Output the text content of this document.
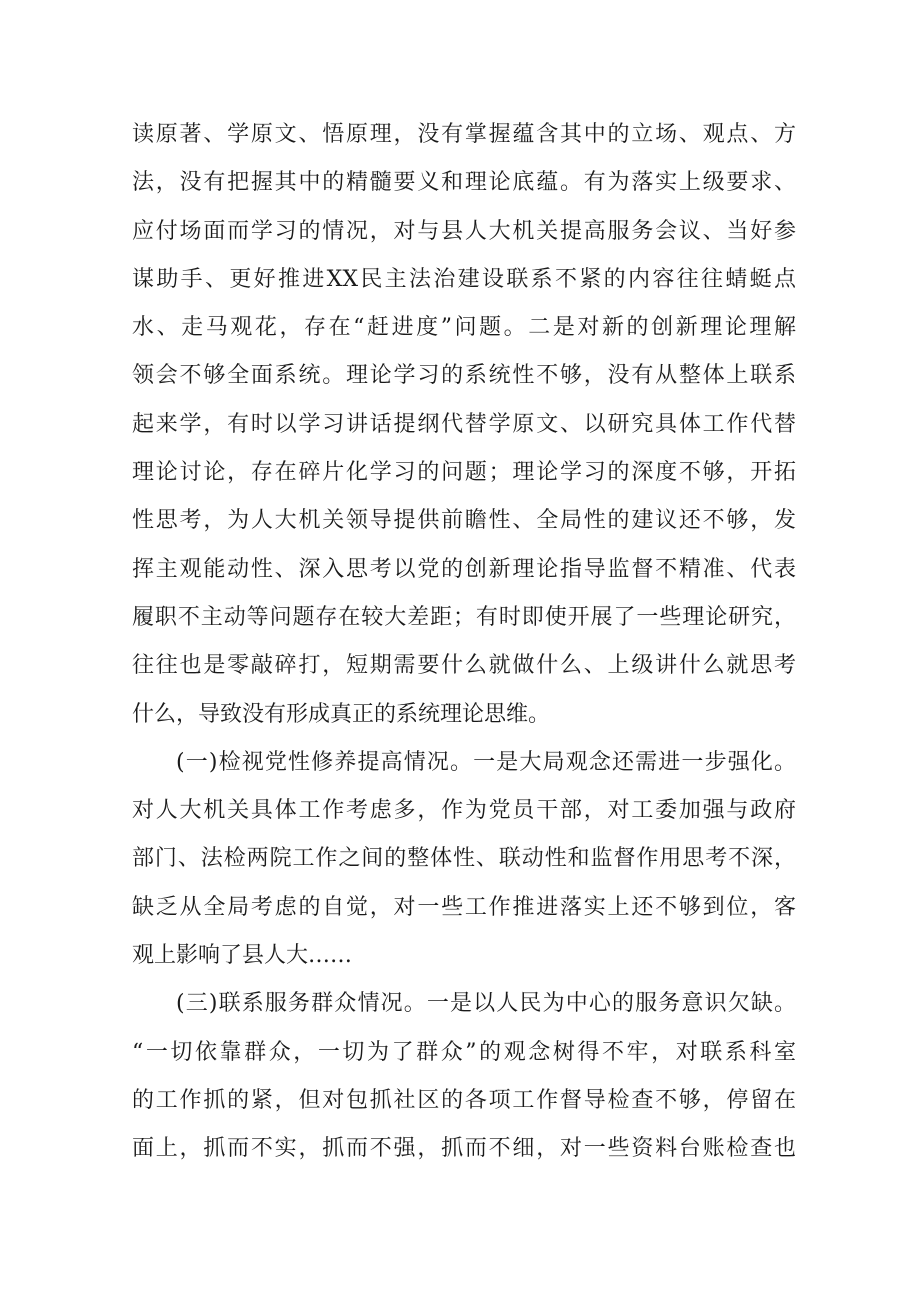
读原著、学原文、悟原理，没有掌握蕴含其中的立场、观点、方
法，没有把握其中的精髓要义和理论底蕴。有为落实上级要求、
应付场面而学习的情况，对与县人大机关提高服务会议、当好参
谋助手、更好推进XX民主法治建设联系不紧的内容往往蜻蜓点
水、走马观花，存在“赶进度”问题。二是对新的创新理论理解
领会不够全面系统。理论学习的系统性不够，没有从整体上联系
起来学，有时以学习讲话提纲代替学原文、以研究具体工作代替
理论讨论，存在碎片化学习的问题；理论学习的深度不够，开拓
性思考，为人大机关领导提供前瞻性、全局性的建议还不够，发
挥主观能动性、深入思考以党的创新理论指导监督不精准、代表
履职不主动等问题存在较大差距；有时即使开展了一些理论研究，
往往也是零敲碎打，短期需要什么就做什么、上级讲什么就思考
什么，导致没有形成真正的系统理论思维。
(一)检视党性修养提高情况。一是大局观念还需进一步强化。
对人大机关具体工作考虑多，作为党员干部，对工委加强与政府
部门、法检两院工作之间的整体性、联动性和监督作用思考不深，
缺乏从全局考虑的自觉，对一些工作推进落实上还不够到位，客
观上影响了县人大……
(三)联系服务群众情况。一是以人民为中心的服务意识欠缺。
“一切依靠群众，一切为了群众”的观念树得不牢，对联系科室
的工作抓的紧，但对包抓社区的各项工作督导检查不够，停留在
面上，抓而不实，抓而不强，抓而不细，对一些资料台账检查也
